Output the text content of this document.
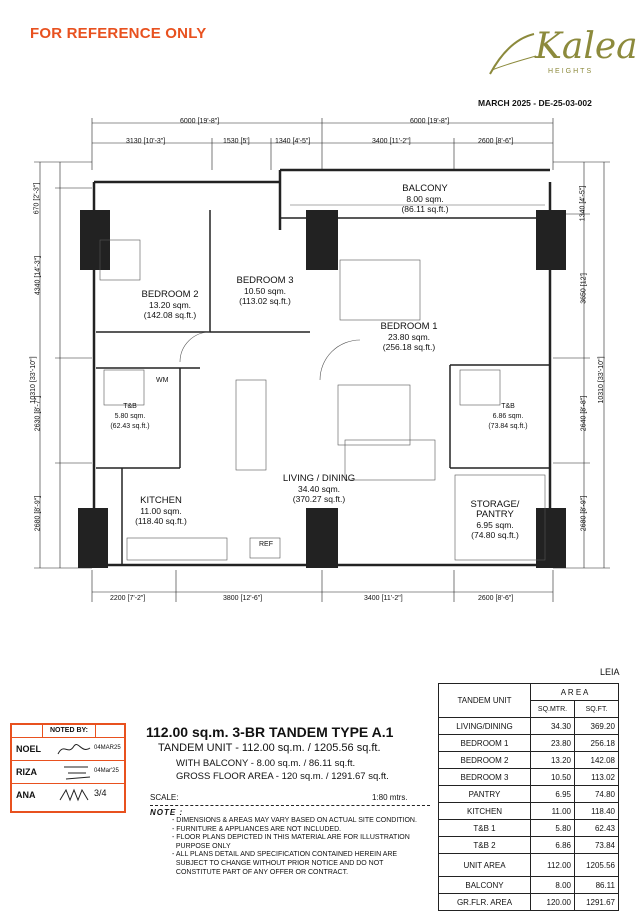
FOR REFERENCE ONLY	Kalea
HEIGHTS
MARCH 2025 - DE-25-03-002
6000 [19'-8"]	6000 [19'-8"]
3130 [10'-3"]	1530 [5']	1340 [4'-5"]	3400 [11'-2"]	2600 [8'-6"]
2200 [7'-2"]	3800 [12'-6"]	3400 [11'-2"]	2600 [8'-6"]
10310 [33'-10"]
670 [2'-3"]
4340 [14'-3"]
2630 [8'-7"]
2680 [8'-9"]
10310 [33'-10"]
1340 [4'-5"]
3650 [12']
2640 [8'-8"]
2680 [8'-9"]
BALCONY
8.00 sqm.
(86.11 sq.ft.)
BEDROOM 3
10.50 sqm.
(113.02 sq.ft.)
BEDROOM 2
13.20 sqm.
(142.08 sq.ft.)
BEDROOM 1
23.80 sqm.
(256.18 sq.ft.)
T&B
5.80 sqm.
(62.43 sq.ft.)
T&B
6.86 sqm.
(73.84 sq.ft.)
KITCHEN
11.00 sqm.
(118.40 sq.ft.)
LIVING / DINING
34.40 sqm.
(370.27 sq.ft.)	STORAGE/
PANTRY
6.95 sqm.
(74.80 sq.ft.)
REF
WM
LEIA
TANDEM UNIT	A R E A	
	SQ.MTR.	SQ.FT.
LIVING/DINING	34.30	369.20
BEDROOM 1	23.80	256.18
BEDROOM 2	13.20	142.08
BEDROOM 3	10.50	113.02
PANTRY	6.95	74.80
KITCHEN	11.00	118.40
T&B 1	5.80	62.43
T&B 2	6.86	73.84
UNIT AREA	112.00	1205.56
BALCONY	8.00	86.11
GR.FLR. AREA	120.00	1291.67
NOTED BY:
NOEL	04MAR25
RIZA	04Mar'25
ANA	3/4
112.00 sq.m. 3-BR TANDEM TYPE A.1
TANDEM UNIT - 112.00 sq.m. / 1205.56 sq.ft.
WITH BALCONY - 8.00 sq.m. / 86.11 sq.ft.
GROSS FLOOR AREA - 120 sq.m. / 1291.67 sq.ft.
SCALE:	1:80 mtrs.
NOTE :
- DIMENSIONS & AREAS MAY VARY BASED ON ACTUAL SITE CONDITION.
- FURNITURE & APPLIANCES ARE NOT INCLUDED.
- FLOOR PLANS DEPICTED IN THIS MATERIAL ARE FOR ILLUSTRATION
PURPOSE ONLY
- ALL PLANS DETAIL AND SPECIFICATION CONTAINED HEREIN ARE
SUBJECT TO CHANGE WITHOUT PRIOR NOTICE AND DO NOT
CONSTITUTE PART OF ANY OFFER OR CONTRACT.
